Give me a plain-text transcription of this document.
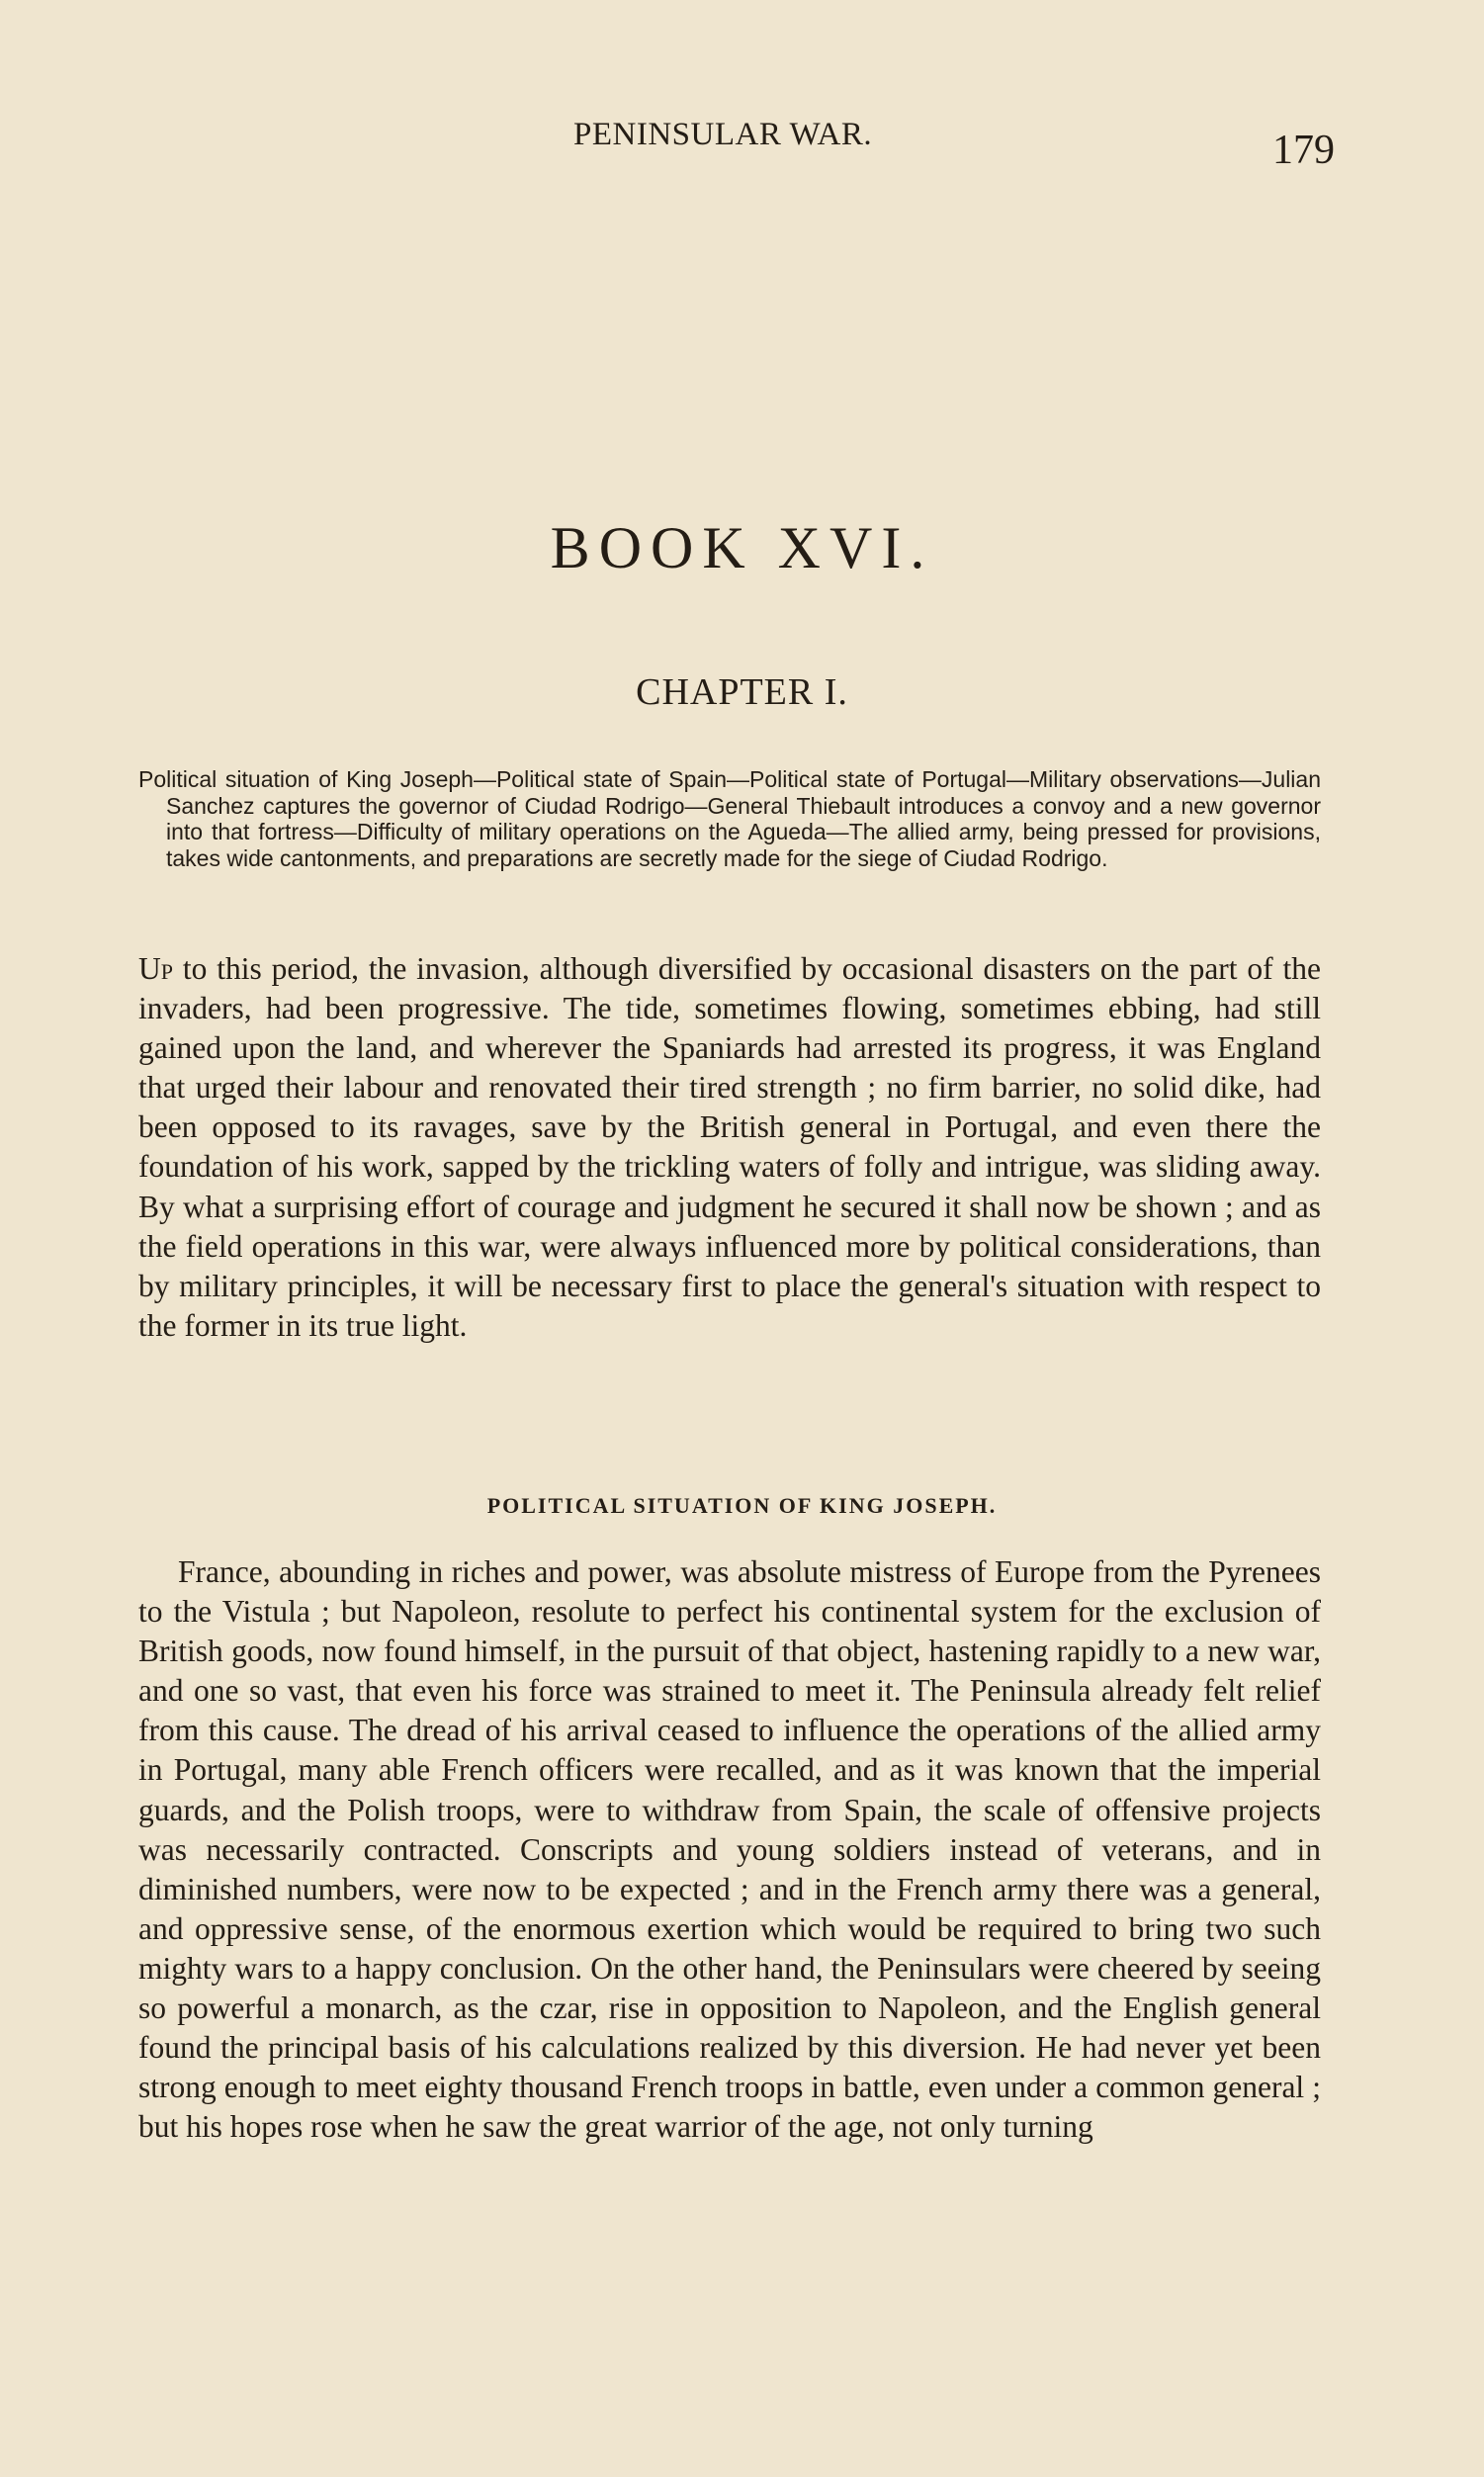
PENINSULAR WAR.	179
BOOK XVI.
CHAPTER I.
Political situation of King Joseph—Political state of Spain—Political state of Portugal—Military observations—Julian Sanchez captures the governor of Ciudad Rodrigo—General Thiebault introduces a convoy and a new governor into that fortress—Difficulty of military operations on the Agueda—The allied army, being pressed for provisions, takes wide cantonments, and preparations are secretly made for the siege of Ciudad Rodrigo.

Up to this period, the invasion, although diversified by occasional disasters on the part of the invaders, had been progressive. The tide, sometimes flowing, sometimes ebbing, had still gained upon the land, and wherever the Spaniards had arrested its progress, it was England that urged their labour and renovated their tired strength ; no firm barrier, no solid dike, had been opposed to its ravages, save by the British general in Portugal, and even there the foundation of his work, sapped by the trickling waters of folly and intrigue, was sliding away. By what a surprising effort of courage and judgment he secured it shall now be shown ; and as the field operations in this war, were always influenced more by political considerations, than by military principles, it will be necessary first to place the general's situation with respect to the former in its true light.

POLITICAL SITUATION OF KING JOSEPH.

France, abounding in riches and power, was absolute mistress of Europe from the Pyrenees to the Vistula ; but Napoleon, resolute to perfect his continental system for the exclusion of British goods, now found himself, in the pursuit of that object, hastening rapidly to a new war, and one so vast, that even his force was strained to meet it. The Peninsula already felt relief from this cause. The dread of his arrival ceased to influence the operations of the allied army in Portugal, many able French officers were recalled, and as it was known that the imperial guards, and the Polish troops, were to withdraw from Spain, the scale of offensive projects was necessarily contracted. Conscripts and young soldiers instead of veterans, and in diminished numbers, were now to be expected ; and in the French army there was a general, and oppressive sense, of the enormous exertion which would be required to bring two such mighty wars to a happy conclusion. On the other hand, the Peninsulars were cheered by seeing so powerful a monarch, as the czar, rise in opposition to Napoleon, and the English general found the principal basis of his calculations realized by this diversion. He had never yet been strong enough to meet eighty thousand French troops in battle, even under a common general ; but his hopes rose when he saw the great warrior of the age, not only turning
